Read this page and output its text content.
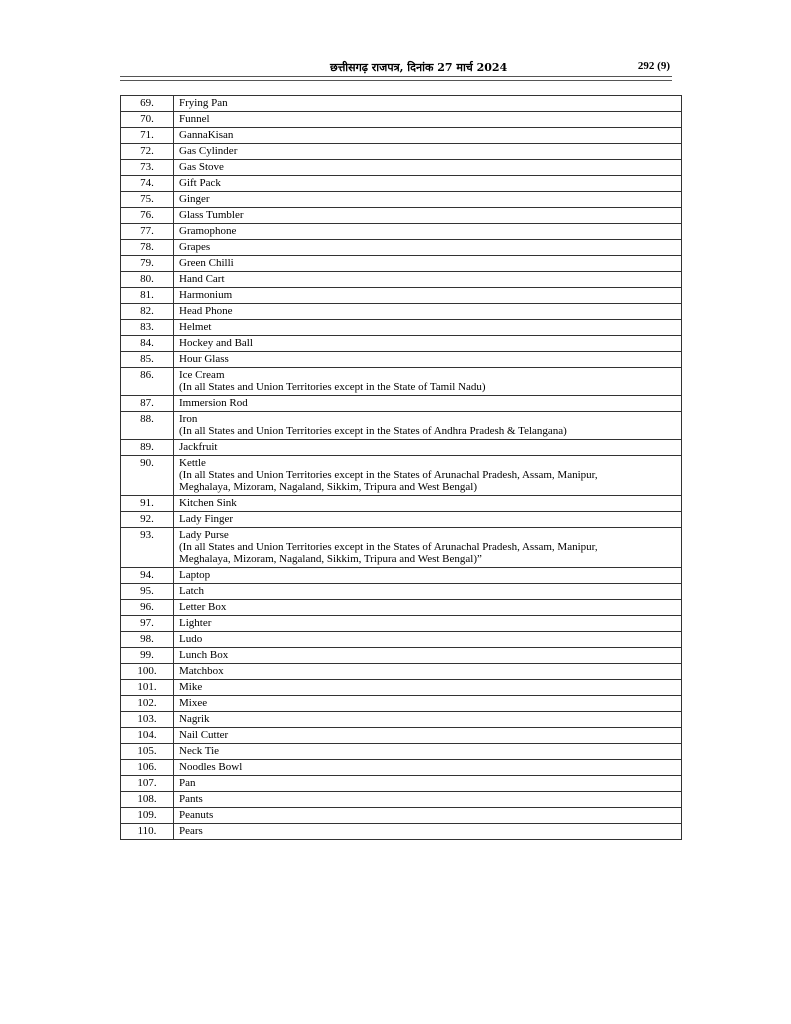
छत्तीसगढ़ राजपत्र, दिनांक 27 मार्च 2024	292 (9)
69.	Frying Pan

70.	Funnel

71.	GannaKisan

72.	Gas Cylinder

73.	Gas Stove

74.	Gift Pack

75.	Ginger

76.	Glass Tumbler

77.	Gramophone

78.	Grapes

79.	Green Chilli

80.	Hand Cart

81.	Harmonium

82.	Head Phone

83.	Helmet

84.	Hockey and Ball

85.	Hour Glass

86.	Ice Cream
(In all States and Union Territories except in the State of Tamil Nadu)

87.	Immersion Rod

88.	Iron
(In all States and Union Territories except in the States of Andhra Pradesh & Telangana)

89.	Jackfruit

90.	Kettle
(In all States and Union Territories except in the States of Arunachal Pradesh, Assam, Manipur,
Meghalaya, Mizoram, Nagaland, Sikkim, Tripura and West Bengal)

91.	Kitchen Sink

92.	Lady Finger

93.	Lady Purse
(In all States and Union Territories except in the States of Arunachal Pradesh, Assam, Manipur,
Meghalaya, Mizoram, Nagaland, Sikkim, Tripura and West Bengal)”

94.	Laptop

95.	Latch

96.	Letter Box

97.	Lighter

98.	Ludo

99.	Lunch Box

100.	Matchbox

101.	Mike

102.	Mixee

103.	Nagrik

104.	Nail Cutter

105.	Neck Tie

106.	Noodles Bowl

107.	Pan

108.	Pants

109.	Peanuts

110.	Pears
